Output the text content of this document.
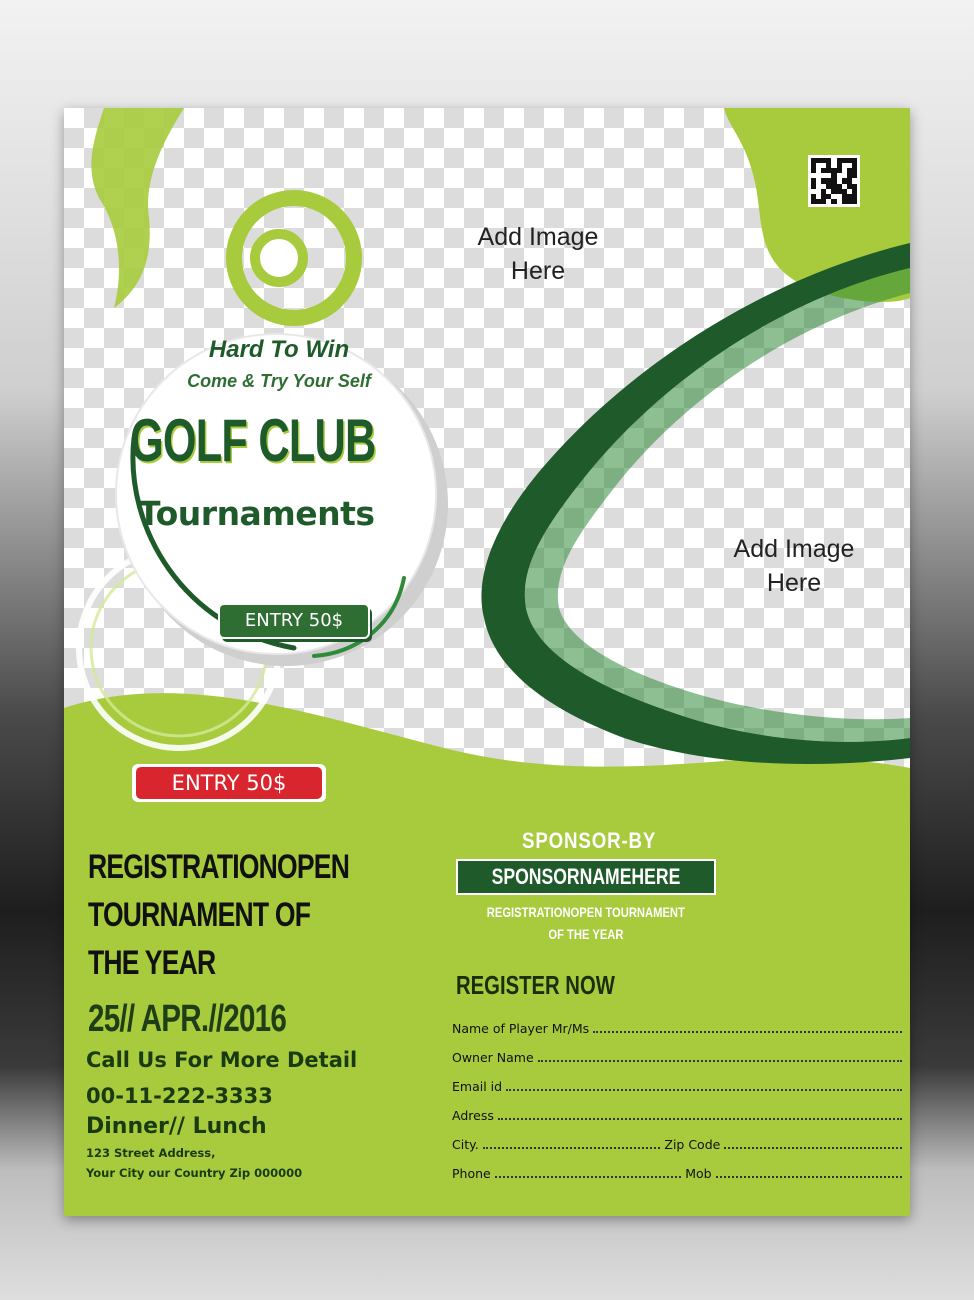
Add Image
Here
Add Image
Here
Hard To Win
Come & Try Your Self
GOLF CLUB
Tournaments
ENTRY 50$
ENTRY 50$
REGISTRATIONOPEN
TOURNAMENT OF
THE YEAR
25// APR.//2016
Call Us For More Detail
00-11-222-3333
Dinner// Lunch
123 Street Address,
Your City our Country Zip 000000
SPONSOR-BY
SPONSORNAMEHERE
REGISTRATIONOPEN TOURNAMENT
OF THE YEAR
REGISTER NOW
Name of Player Mr/Ms
Owner Name
Email id
Adress
City.	Zip Code
Phone	Mob
